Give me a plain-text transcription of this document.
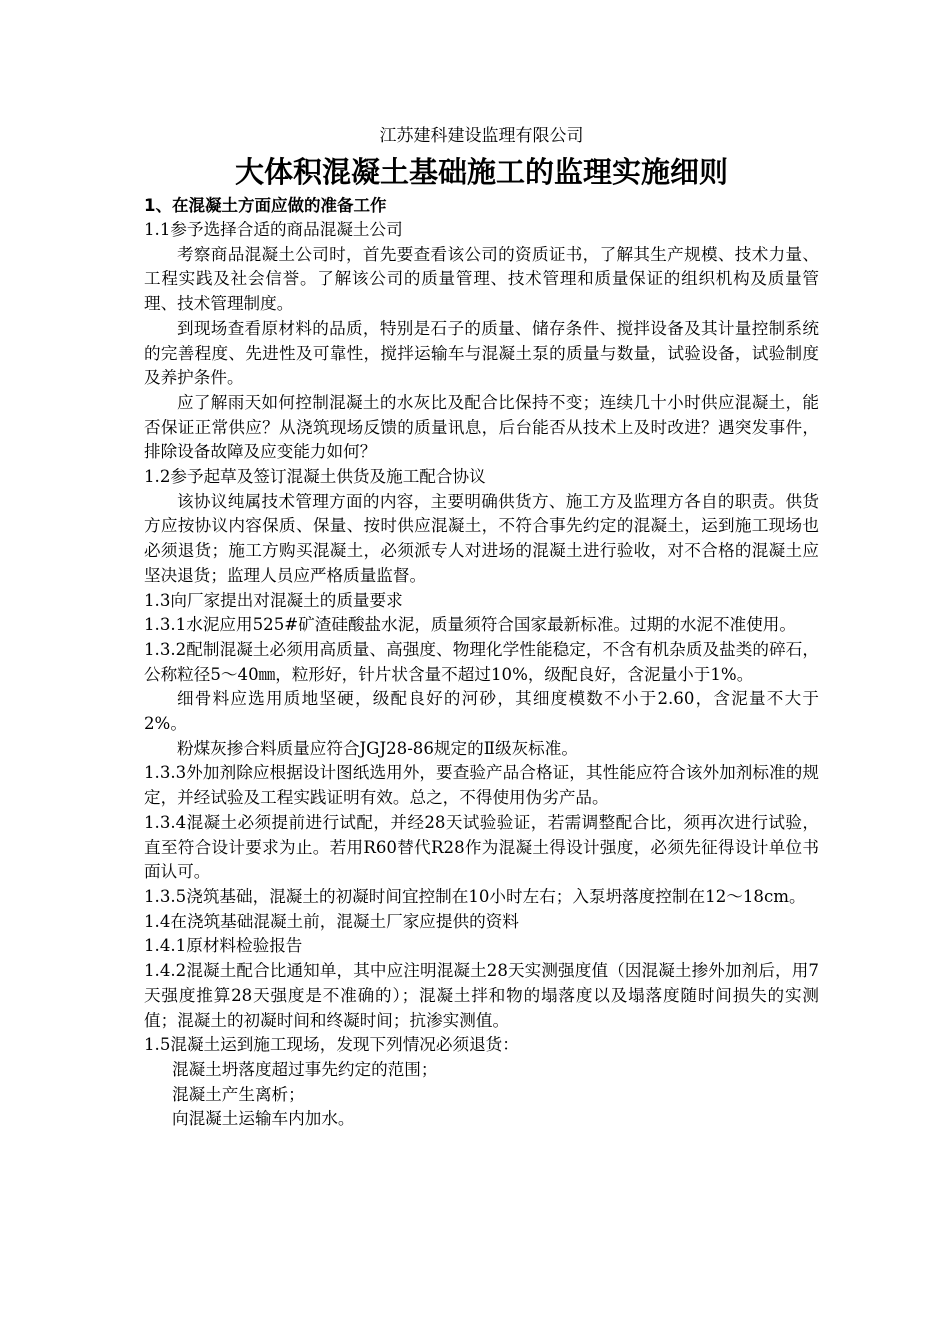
江苏建科建设监理有限公司

大体积混凝土基础施工的监理实施细则

1、在混凝土方面应做的准备工作

1.1参予选择合适的商品混凝土公司

考察商品混凝土公司时，首先要查看该公司的资质证书，了解其生产规模、技术力量、工程实践及社会信誉。了解该公司的质量管理、技术管理和质量保证的组织机构及质量管理、技术管理制度。

到现场查看原材料的品质，特别是石子的质量、储存条件、搅拌设备及其计量控制系统的完善程度、先进性及可靠性，搅拌运输车与混凝土泵的质量与数量，试验设备，试验制度及养护条件。

应了解雨天如何控制混凝土的水灰比及配合比保持不变；连续几十小时供应混凝土，能否保证正常供应？从浇筑现场反馈的质量讯息，后台能否从技术上及时改进？遇突发事件，排除设备故障及应变能力如何？

1.2参予起草及签订混凝土供货及施工配合协议

该协议纯属技术管理方面的内容，主要明确供货方、施工方及监理方各自的职责。供货方应按协议内容保质、保量、按时供应混凝土，不符合事先约定的混凝土，运到施工现场也必须退货；施工方购买混凝土，必须派专人对进场的混凝土进行验收，对不合格的混凝土应坚决退货；监理人员应严格质量监督。

1.3向厂家提出对混凝土的质量要求

1.3.1水泥应用525#矿渣硅酸盐水泥，质量须符合国家最新标准。过期的水泥不准使用。

1.3.2配制混凝土必须用高质量、高强度、物理化学性能稳定，不含有机杂质及盐类的碎石，公称粒径5～40㎜，粒形好，针片状含量不超过10%，级配良好，含泥量小于1%。

细骨料应选用质地坚硬，级配良好的河砂，其细度模数不小于2.60，含泥量不大于2%。

粉煤灰掺合料质量应符合JGJ28-86规定的Ⅱ级灰标准。

1.3.3外加剂除应根据设计图纸选用外，要查验产品合格证，其性能应符合该外加剂标准的规定，并经试验及工程实践证明有效。总之，不得使用伪劣产品。

1.3.4混凝土必须提前进行试配，并经28天试验验证，若需调整配合比，须再次进行试验，直至符合设计要求为止。若用R60替代R28作为混凝土得设计强度，必须先征得设计单位书面认可。

1.3.5浇筑基础，混凝土的初凝时间宜控制在10小时左右；入泵坍落度控制在12～18cm。

1.4在浇筑基础混凝土前，混凝土厂家应提供的资料

1.4.1原材料检验报告

1.4.2混凝土配合比通知单，其中应注明混凝土28天实测强度值（因混凝土掺外加剂后，用7天强度推算28天强度是不准确的）；混凝土拌和物的塌落度以及塌落度随时间损失的实测值；混凝土的初凝时间和终凝时间；抗渗实测值。

1.5混凝土运到施工现场，发现下列情况必须退货：

混凝土坍落度超过事先约定的范围；

混凝土产生离析；

向混凝土运输车内加水。
